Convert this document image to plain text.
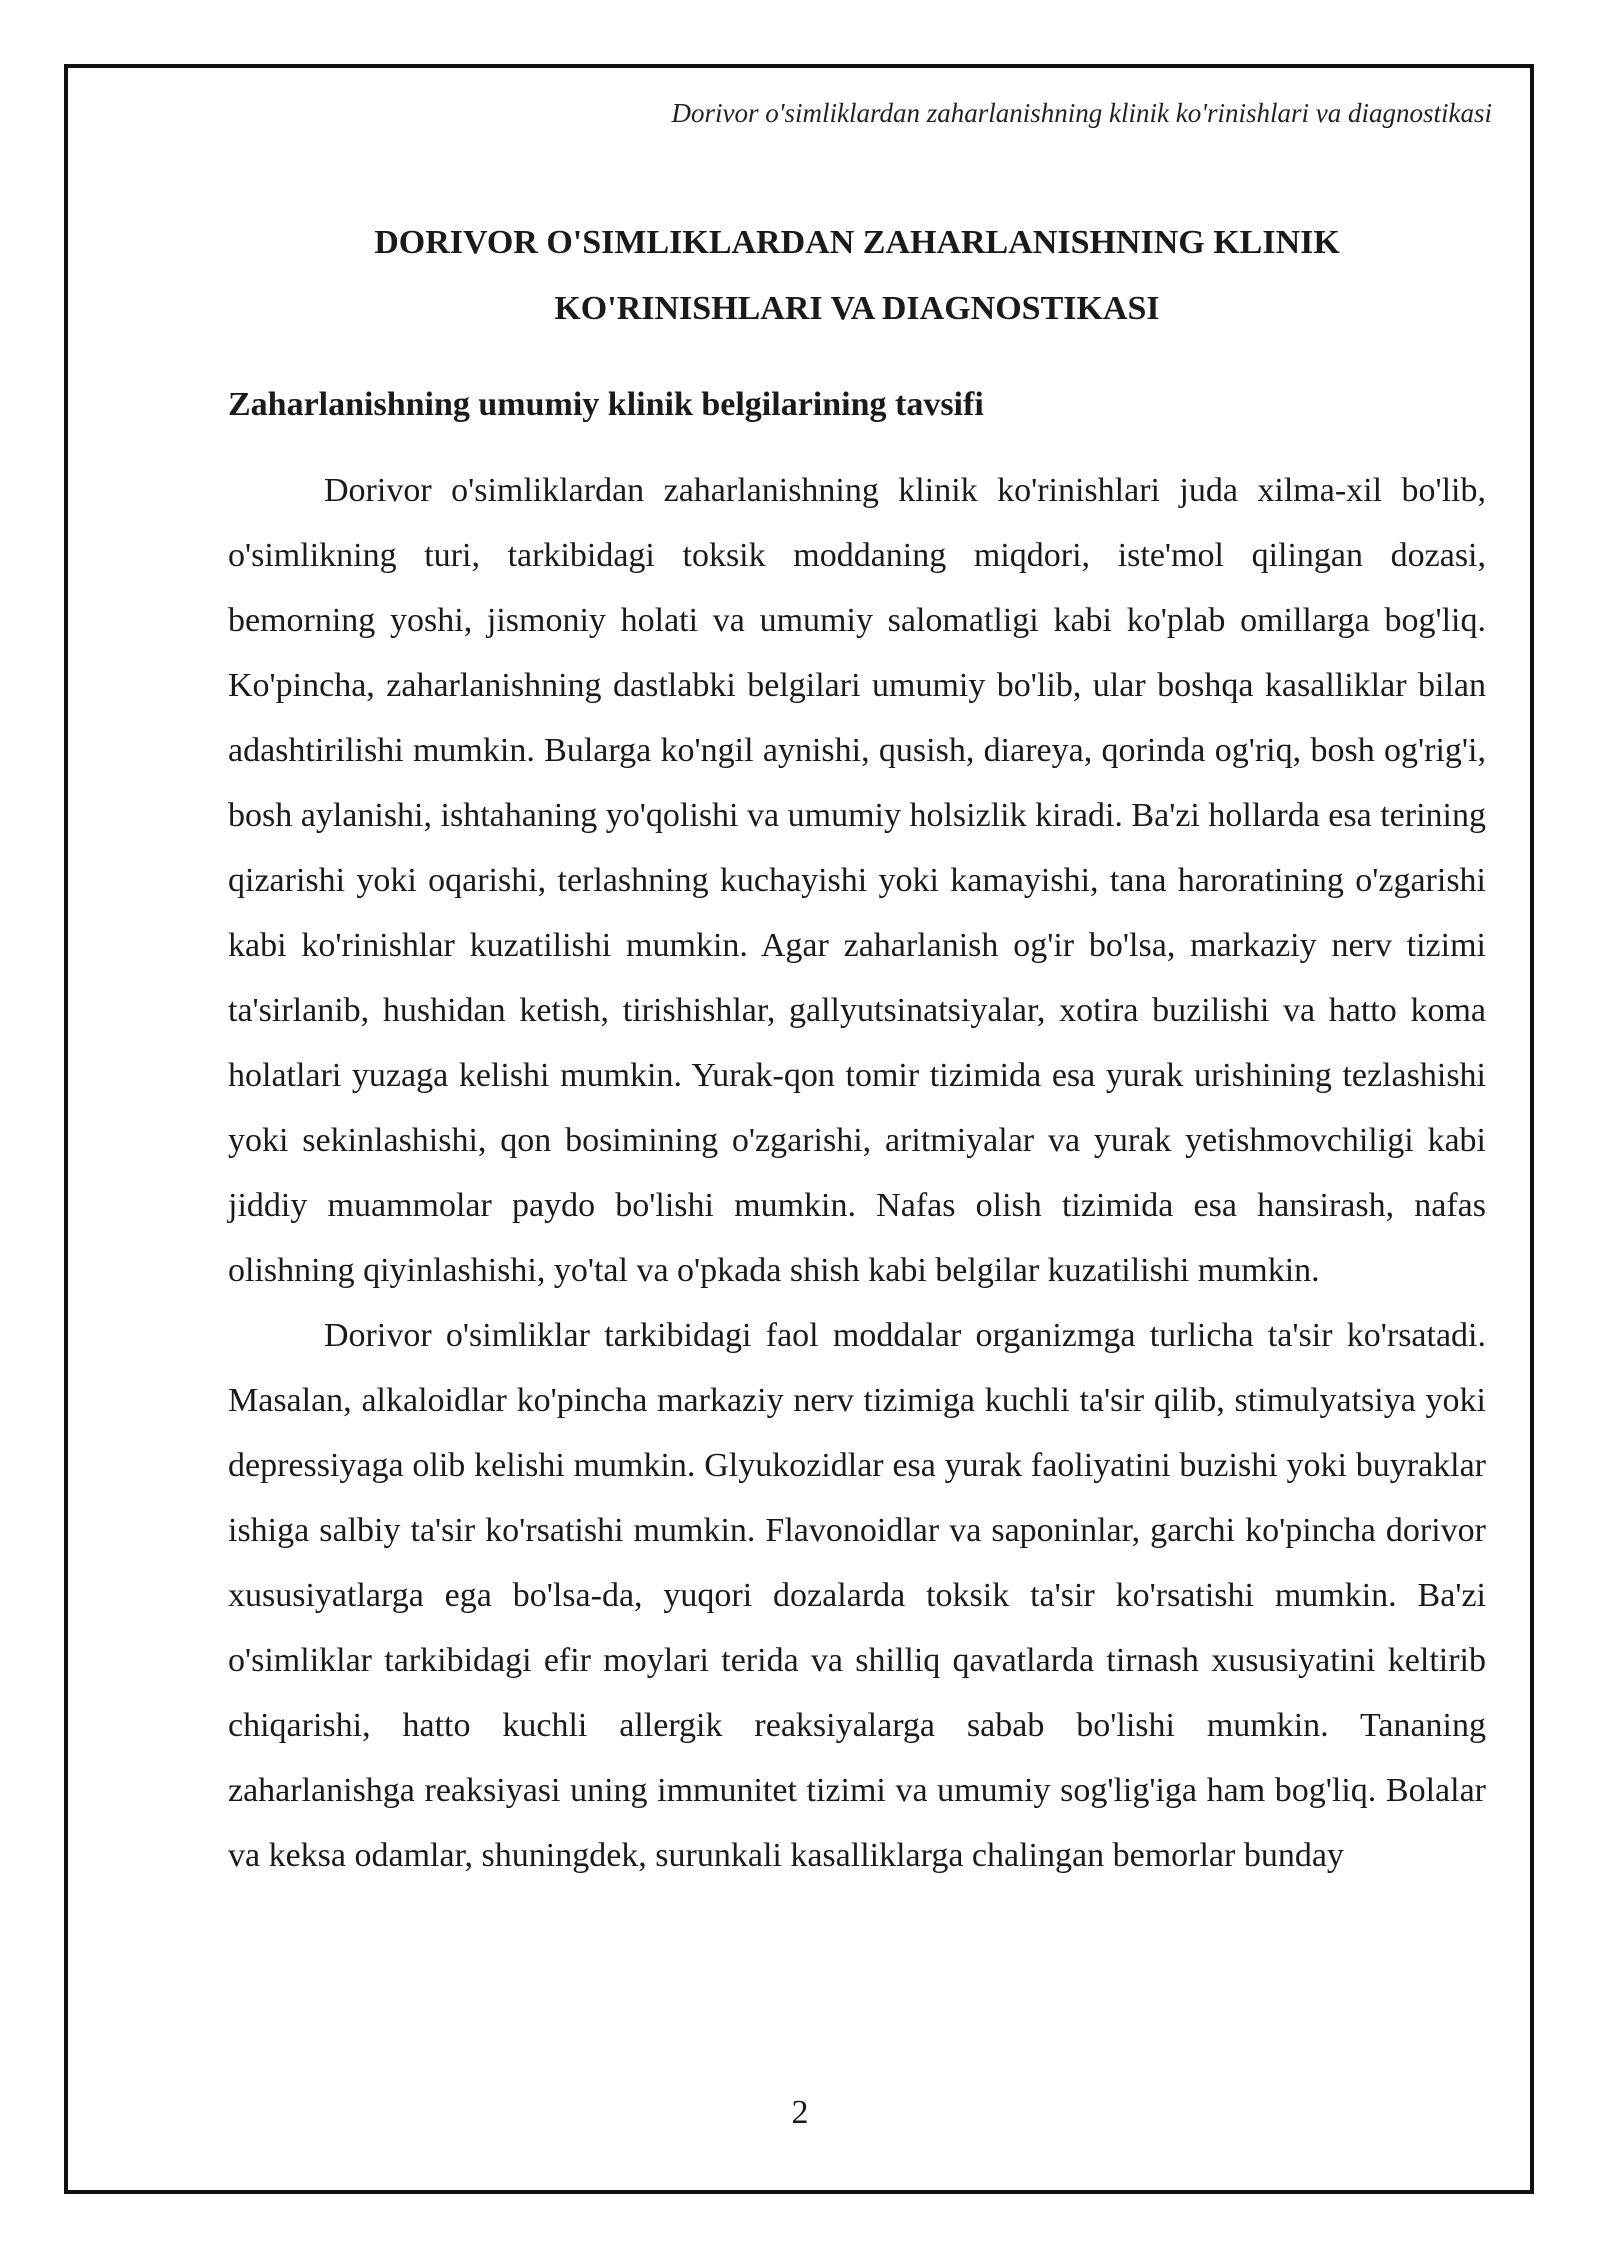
Dorivor o'simliklardan zaharlanishning klinik ko'rinishlari va diagnostikasi
DORIVOR O'SIMLIKLARDAN ZAHARLANISHNING KLINIK
KO'RINISHLARI VA DIAGNOSTIKASI
Zaharlanishning umumiy klinik belgilarining tavsifi

Dorivor o'simliklardan zaharlanishning klinik ko'rinishlari juda xilma-xil bo'lib, o'simlikning turi, tarkibidagi toksik moddaning miqdori, iste'mol qilingan dozasi, bemorning yoshi, jismoniy holati va umumiy salomatligi kabi ko'plab omillarga bog'liq. Ko'pincha, zaharlanishning dastlabki belgilari umumiy bo'lib, ular boshqa kasalliklar bilan adashtirilishi mumkin. Bularga ko'ngil aynishi, qusish, diareya, qorinda og'riq, bosh og'rig'i, bosh aylanishi, ishtahaning yo'qolishi va umumiy holsizlik kiradi. Ba'zi hollarda esa terining qizarishi yoki oqarishi, terlashning kuchayishi yoki kamayishi, tana haroratining o'zgarishi kabi ko'rinishlar kuzatilishi mumkin. Agar zaharlanish og'ir bo'lsa, markaziy nerv tizimi ta'sirlanib, hushidan ketish, tirishishlar, gallyutsinatsiyalar, xotira buzilishi va hatto koma holatlari yuzaga kelishi mumkin. Yurak-qon tomir tizimida esa yurak urishining tezlashishi yoki sekinlashishi, qon bosimining o'zgarishi, aritmiyalar va yurak yetishmovchiligi kabi jiddiy muammolar paydo bo'lishi mumkin. Nafas olish tizimida esa hansirash, nafas olishning qiyinlashishi, yo'tal va o'pkada shish kabi belgilar kuzatilishi mumkin.

Dorivor o'simliklar tarkibidagi faol moddalar organizmga turlicha ta'sir ko'rsatadi. Masalan, alkaloidlar ko'pincha markaziy nerv tizimiga kuchli ta'sir qilib, stimulyatsiya yoki depressiyaga olib kelishi mumkin. Glyukozidlar esa yurak faoliyatini buzishi yoki buyraklar ishiga salbiy ta'sir ko'rsatishi mumkin. Flavonoidlar va saponinlar, garchi ko'pincha dorivor xususiyatlarga ega bo'lsa-da, yuqori dozalarda toksik ta'sir ko'rsatishi mumkin. Ba'zi o'simliklar tarkibidagi efir moylari terida va shilliq qavatlarda tirnash xususiyatini keltirib chiqarishi, hatto kuchli allergik reaksiyalarga sabab bo'lishi mumkin. Tananing zaharlanishga reaksiyasi uning immunitet tizimi va umumiy sog'lig'iga ham bog'liq. Bolalar va keksa odamlar, shuningdek, surunkali kasalliklarga chalingan bemorlar bunday

2
